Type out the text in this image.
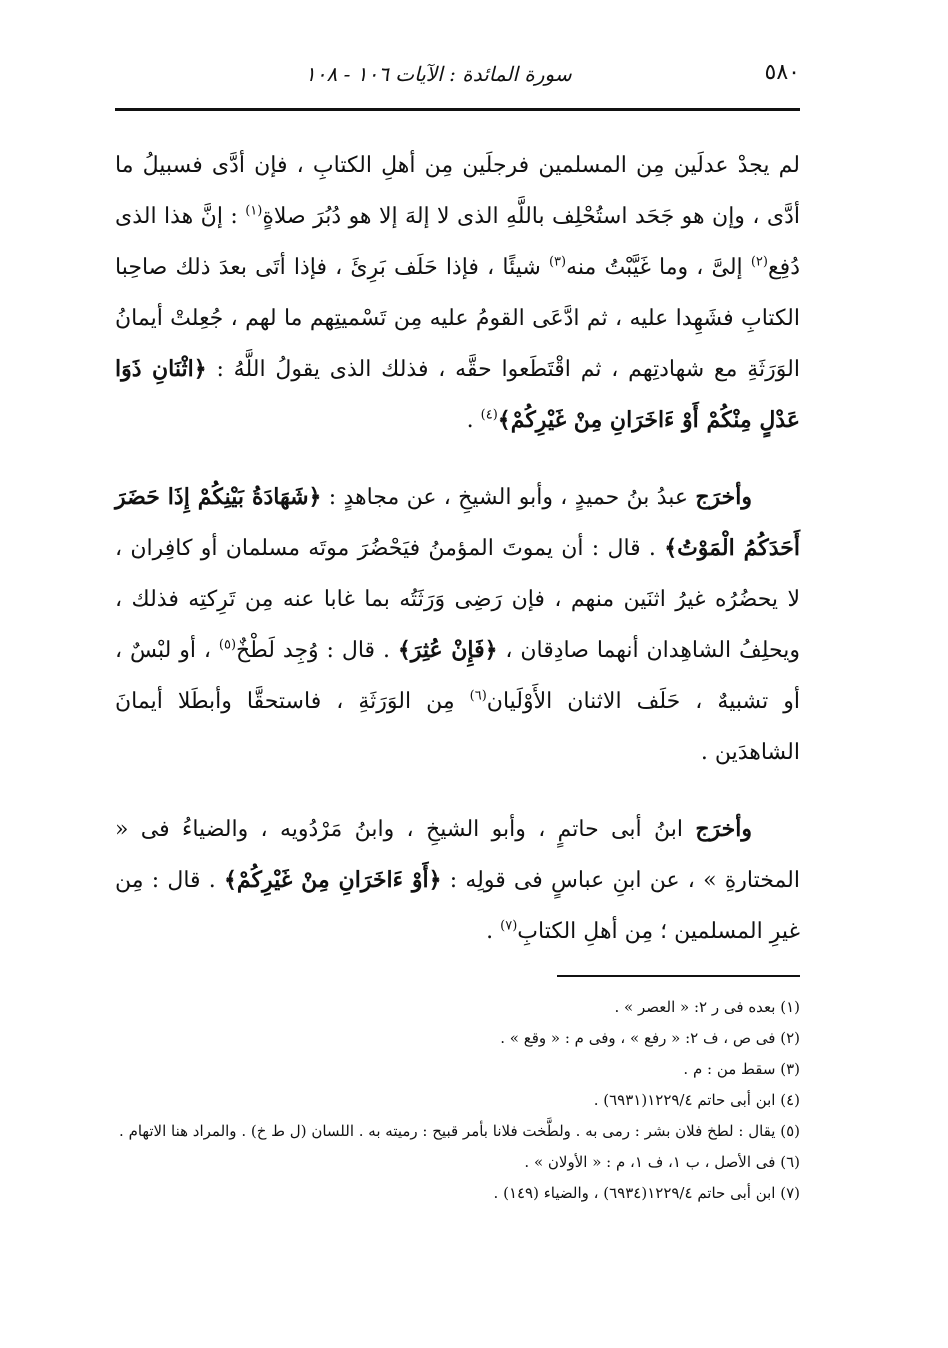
٥٨٠
سورة المائدة : الآيات ١٠٦ - ١٠٨

لم يجدْ عدلَين مِن المسلمين فرجلَين مِن أهلِ الكتابِ ، فإن أدَّى فسبيلُ ما أدَّى ، وإن هو جَحَد استُحْلِف باللَّهِ الذى لا إلهَ إلا هو دُبُرَ صلاةٍ$^{(١)}$ : إنَّ هذا الذى دُفِع$^{(٢)}$ إلىَّ ، وما غَيَّبْتُ منه$^{(٣)}$ شيئًا ، فإذا حَلَف بَرِئَ ، فإذا أتَى بعدَ ذلك صاحِبا الكتابِ فشَهِدا عليه ، ثم ادَّعَى القومُ عليه مِن تَسْميتِهم ما لهم ، جُعِلتْ أيمانُ الوَرَثَةِ مع شهادتِهم ، ثم اقْتَطَعوا حقَّه ، فذلك الذى يقولُ اللَّهُ : ﴿اثْنَانِ ذَوَا عَدْلٍ مِنْكُمْ أَوْ ءَاخَرَانِ مِنْ غَيْرِكُمْ﴾$^{(٤)}$ .

وأخرَج عبدُ بنُ حميدٍ ، وأبو الشيخِ ، عن مجاهدٍ : ﴿شَهَادَةُ بَيْنِكُمْ إِذَا حَضَرَ أَحَدَكُمُ الْمَوْتُ﴾ . قال : أن يموتَ المؤمنُ فيَحْضُرَ موتَه مسلمان أو كافِران ، لا يحضُرُه غيرُ اثنَين منهم ، فإن رَضِى وَرَثَتُه بما غابا عنه مِن تَرِكتِه فذلك ، ويحلِفُ الشاهِدان أنهما صادِقان ، ﴿فَإِنْ عُثِرَ﴾ . قال : وُجِد لَطْخٌ$^{(٥)}$ ، أو لبْسٌ ، أو تشبيهٌ ، حَلَف الاثنان الأَوْلَيان$^{(٦)}$ مِن الوَرَثَةِ ، فاستحقَّا وأبطَلا أيمانَ الشاهدَين .

وأخرَج ابنُ أبى حاتمٍ ، وأبو الشيخِ ، وابنُ مَرْدُويه ، والضياءُ فى « المختارةِ » ، عن ابنِ عباسٍ فى قولِه : ﴿أَوْ ءَاخَرَانِ مِنْ غَيْرِكُمْ﴾ . قال : مِن غيرِ المسلمين ؛ مِن أهلِ الكتابِ$^{(٧)}$ .

(١) بعده فى ر ٢: « العصر » .

(٢) فى ص ، ف ٢: « رفع » ، وفى م : « وقع » .

(٣) سقط من : م .

(٤) ابن أبى حاتم ١٢٢٩/٤(٦٩٣١) .

(٥) يقال : لطخ فلان بشر : رمى به . ولطَّخت فلانا بأمر قبيح : رميته به . اللسان (ل ط خ) . والمراد هنا الاتهام .

(٦) فى الأصل ، ب ١، ف ١، م : « الأولان » .

(٧) ابن أبى حاتم ١٢٢٩/٤(٦٩٣٤) ، والضياء (١٤٩) .
